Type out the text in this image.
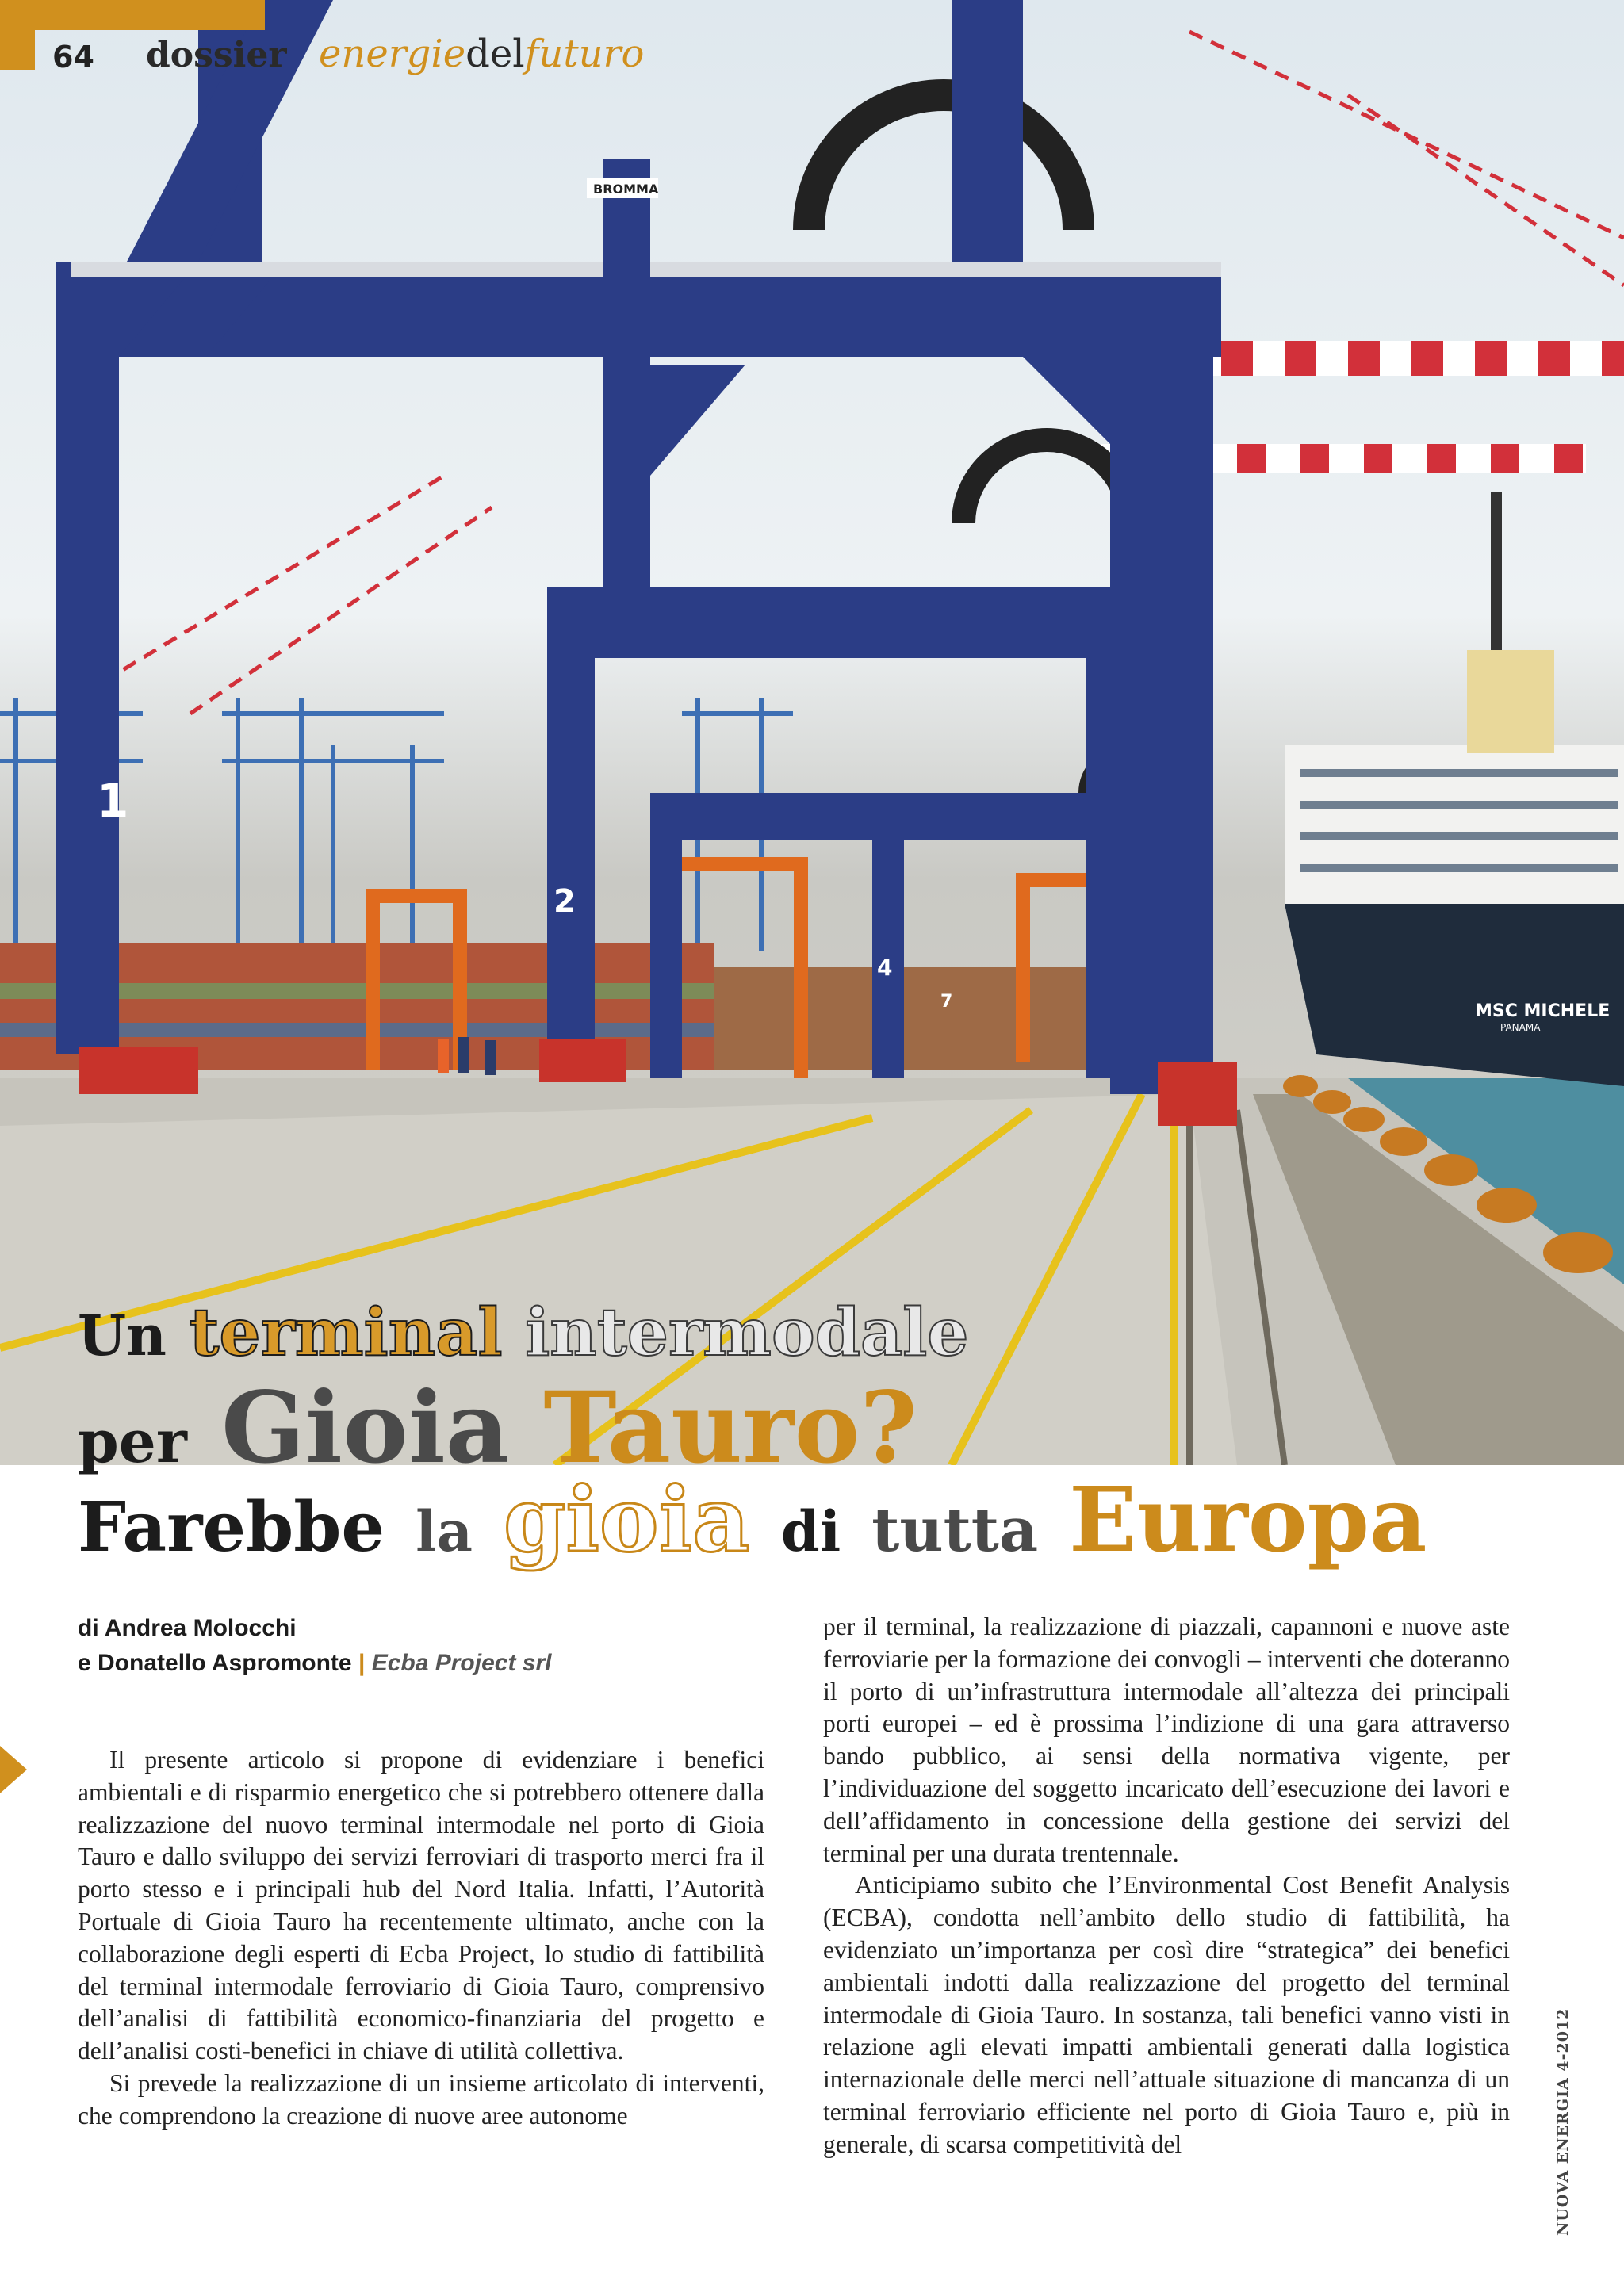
MSC MICHELE
PANAMA
1
2
4
7
BROMMA
64 dossier energiedelfuturo
Un terminal intermodale
per Gioia Tauro?
Farebbe la gioia di tutta Europa
di Andrea Molocchi
e Donatello Aspromonte | Ecba Project srl

Il presente articolo si propone di evidenziare i benefici ambientali e di risparmio energetico che si potrebbero ottenere dalla realizzazione del nuovo terminal intermodale nel porto di Gioia Tauro e dallo sviluppo dei servizi ferroviari di trasporto merci fra il porto stesso e i principali hub del Nord Italia. Infatti, l’Autorità Portuale di Gioia Tauro ha recentemente ultimato, anche con la collaborazione degli esperti di Ecba Project, lo studio di fattibilità del terminal intermodale ferroviario di Gioia Tauro, comprensivo dell’analisi di fattibilità economico-finanziaria del progetto e dell’analisi costi-benefici in chiave di utilità collettiva.

Si prevede la realizzazione di un insieme articolato di interventi, che comprendono la creazione di nuove aree autonome

per il terminal, la realizzazione di piazzali, capannoni e nuove aste ferroviarie per la formazione dei convogli – interventi che doteranno il porto di un’infrastruttura intermodale all’altezza dei principali porti europei – ed è prossima l’indizione di una gara attraverso bando pubblico, ai sensi della normativa vigente, per l’individuazione del soggetto incaricato dell’esecuzione dei lavori e dell’affidamento in concessione della gestione dei servizi del terminal per una durata trentennale.

Anticipiamo subito che l’Environmental Cost Benefit Analysis (ECBA), condotta nell’ambito dello studio di fattibilità, ha evidenziato un’importanza per così dire “strategica” dei benefici ambientali indotti dalla realizzazione del progetto del terminal intermodale di Gioia Tauro. In sostanza, tali benefici vanno visti in relazione agli elevati impatti ambientali generati dalla logistica internazionale delle merci nell’attuale situazione di mancanza di un terminal ferroviario efficiente nel porto di Gioia Tauro e, più in generale, di scarsa competitività del	NUOVA ENERGIA 4-2012
